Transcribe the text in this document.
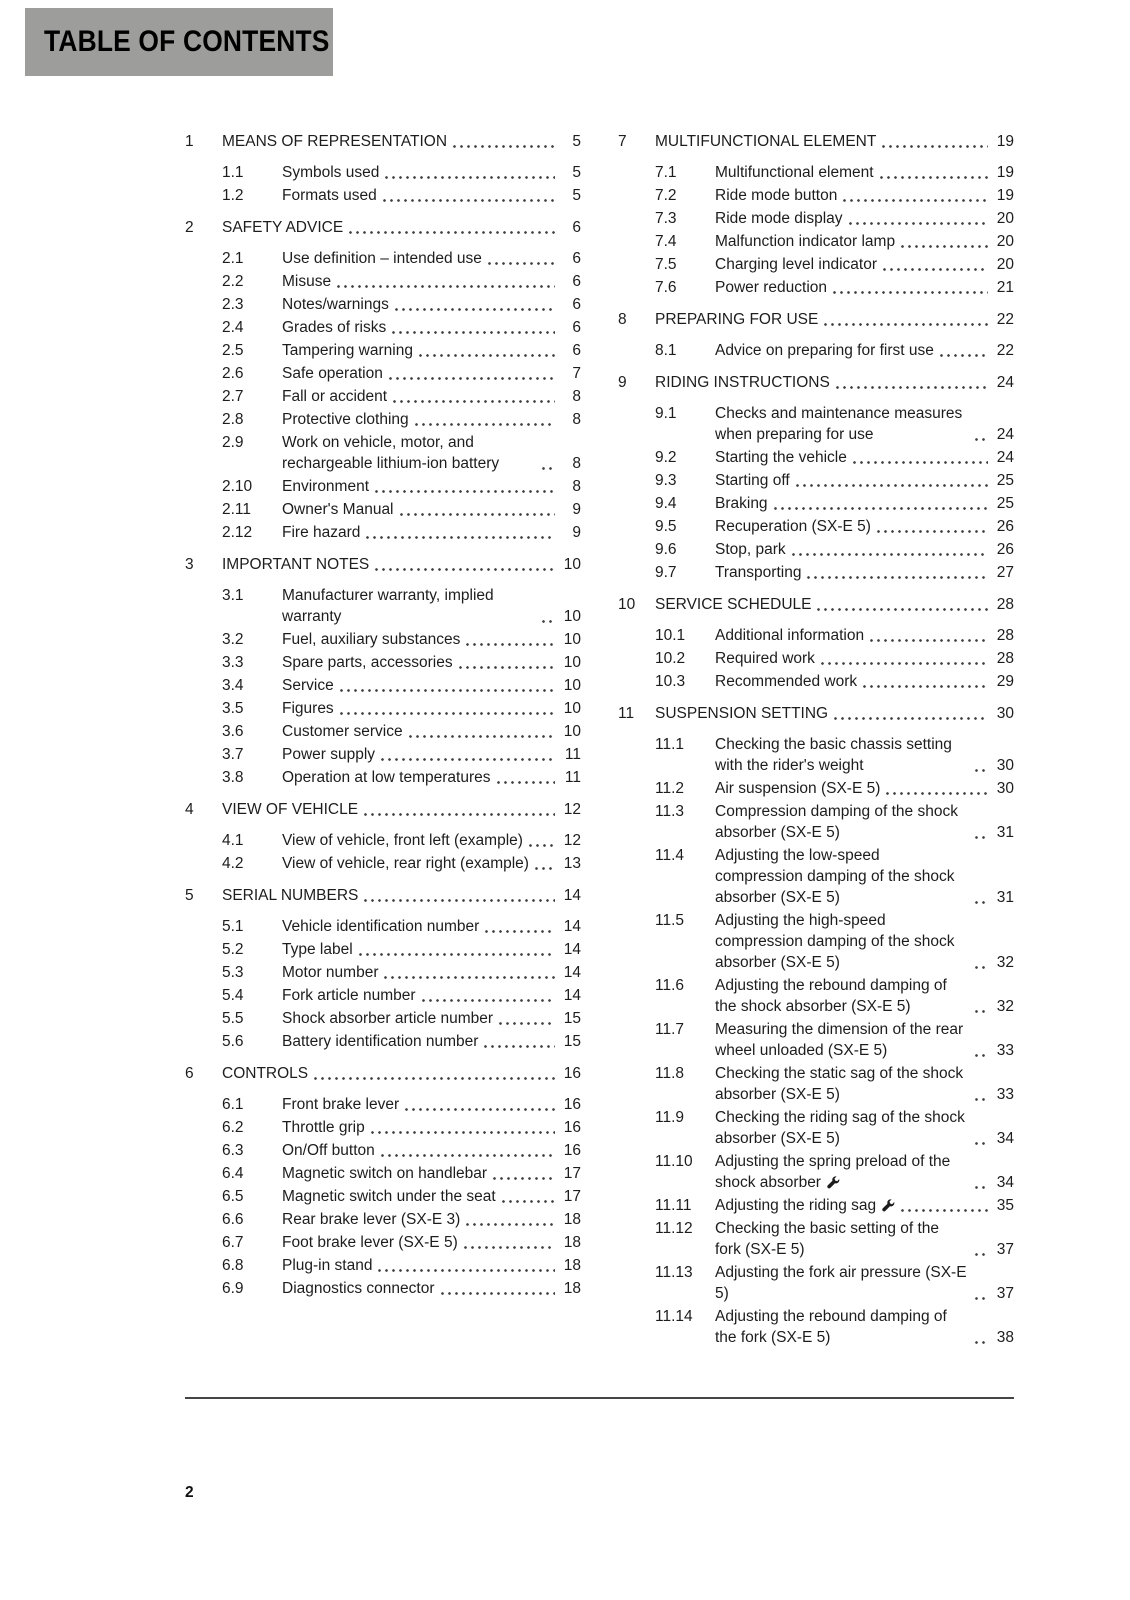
TABLE OF CONTENTS
1	MEANS OF REPRESENTATION	5
1.1	Symbols used	5
1.2	Formats used	5
2	SAFETY ADVICE	6
2.1	Use definition – intended use	6
2.2	Misuse	6
2.3	Notes/warnings	6
2.4	Grades of risks	6
2.5	Tampering warning	6
2.6	Safe operation	7
2.7	Fall or accident	8
2.8	Protective clothing	8
2.9	Work on vehicle, motor, and rechargeable lithium-ion battery	8
2.10	Environment	8
2.11	Owner's Manual	9
2.12	Fire hazard	9
3	IMPORTANT NOTES	10
3.1	Manufacturer warranty, implied warranty	10
3.2	Fuel, auxiliary substances	10
3.3	Spare parts, accessories	10
3.4	Service	10
3.5	Figures	10
3.6	Customer service	10
3.7	Power supply	11
3.8	Operation at low temperatures	11
4	VIEW OF VEHICLE	12
4.1	View of vehicle, front left (example)	12
4.2	View of vehicle, rear right (example)	13
5	SERIAL NUMBERS	14
5.1	Vehicle identification number	14
5.2	Type label	14
5.3	Motor number	14
5.4	Fork article number	14
5.5	Shock absorber article number	15
5.6	Battery identification number	15
6	CONTROLS	16
6.1	Front brake lever	16
6.2	Throttle grip	16
6.3	On/Off button	16
6.4	Magnetic switch on handlebar	17
6.5	Magnetic switch under the seat	17
6.6	Rear brake lever (SX-E 3)	18
6.7	Foot brake lever (SX-E 5)	18
6.8	Plug-in stand	18
6.9	Diagnostics connector	18
7	MULTIFUNCTIONAL ELEMENT	19
7.1	Multifunctional element	19
7.2	Ride mode button	19
7.3	Ride mode display	20
7.4	Malfunction indicator lamp	20
7.5	Charging level indicator	20
7.6	Power reduction	21
8	PREPARING FOR USE	22
8.1	Advice on preparing for first use	22
9	RIDING INSTRUCTIONS	24
9.1	Checks and maintenance measures when preparing for use	24
9.2	Starting the vehicle	24
9.3	Starting off	25
9.4	Braking	25
9.5	Recuperation (SX-E 5)	26
9.6	Stop, park	26
9.7	Transporting	27
10	SERVICE SCHEDULE	28
10.1	Additional information	28
10.2	Required work	28
10.3	Recommended work	29
11	SUSPENSION SETTING	30
11.1	Checking the basic chassis setting with the rider's weight	30
11.2	Air suspension (SX-E 5)	30
11.3	Compression damping of the shock absorber (SX-E 5)	31
11.4	Adjusting the low-speed compression damping of the shock absorber (SX-E 5)	31
11.5	Adjusting the high-speed compression damping of the shock absorber (SX-E 5)	32
11.6	Adjusting the rebound damping of the shock absorber (SX-E 5)	32
11.7	Measuring the dimension of the rear wheel unloaded (SX-E 5)	33
11.8	Checking the static sag of the shock absorber (SX-E 5)	33
11.9	Checking the riding sag of the shock absorber (SX-E 5)	34
11.10	Adjusting the spring preload of the shock absorber	34
11.11	Adjusting the riding sag	35
11.12	Checking the basic setting of the fork (SX-E 5)	37
11.13	Adjusting the fork air pressure (SX-E 5)	37
11.14	Adjusting the rebound damping of the fork (SX-E 5)	38
2
